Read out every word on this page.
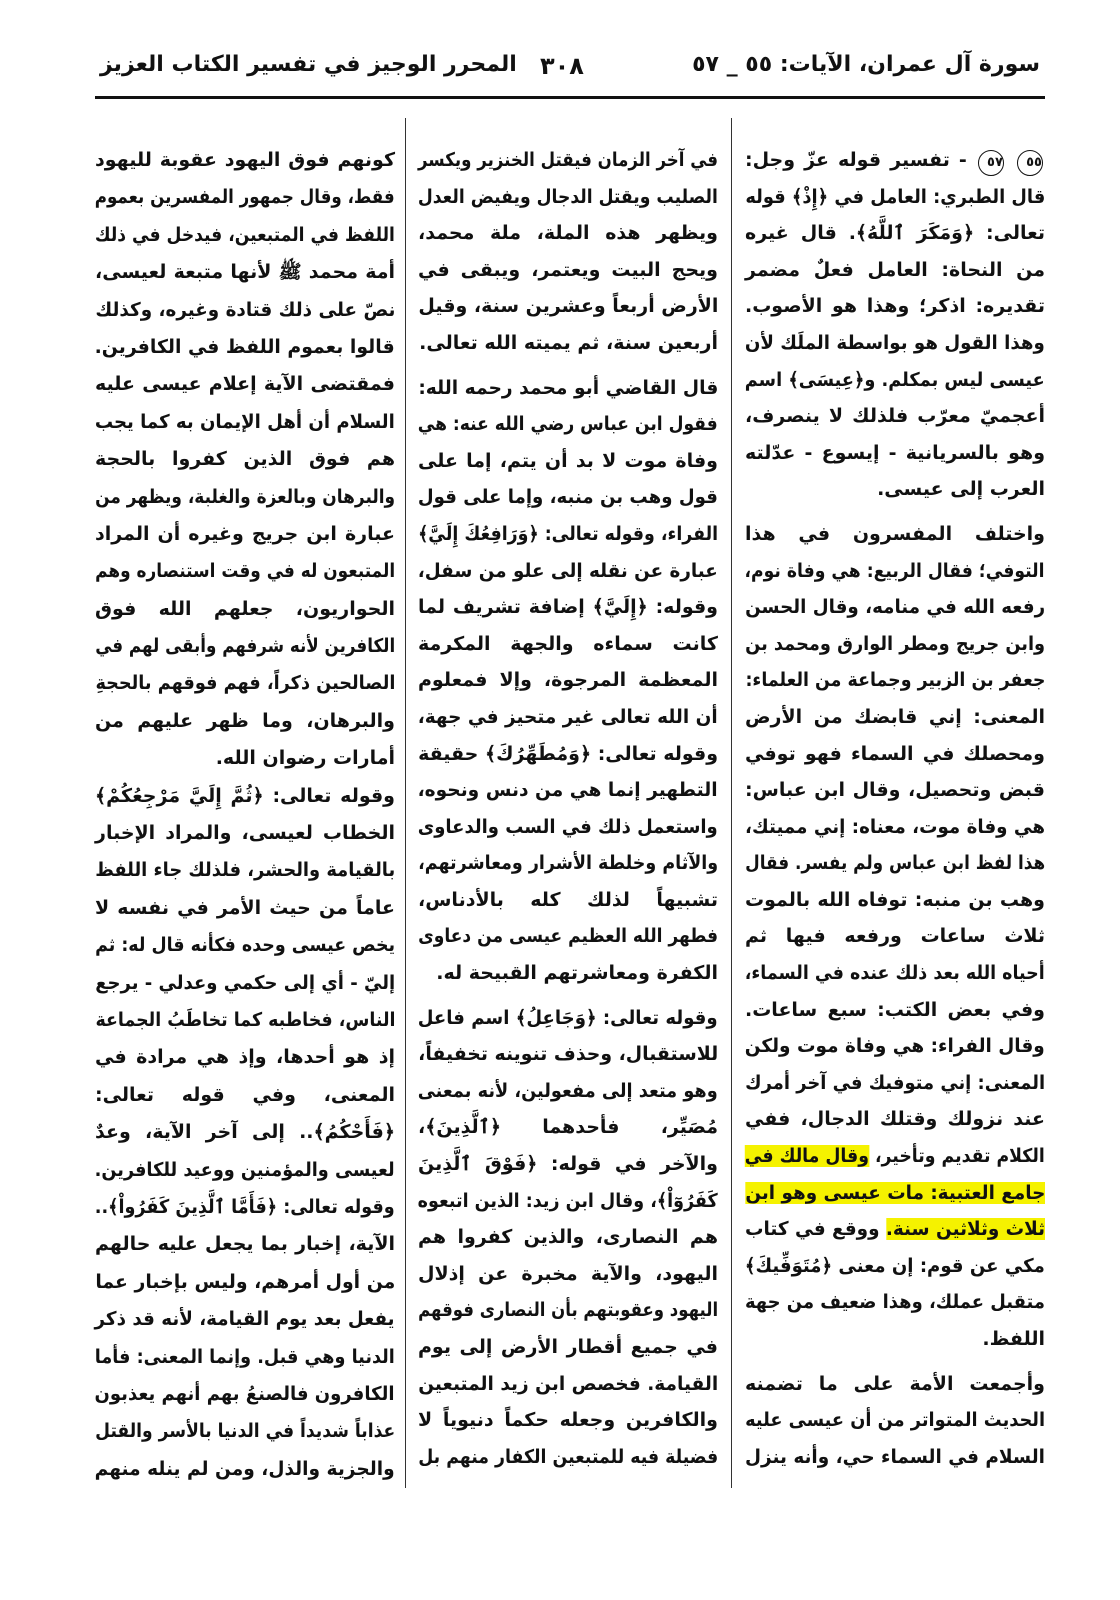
سورة آل عمران، الآيات: ٥٥ _ ٥٧
٣٠٨
المحرر الوجيز في تفسير الكتاب العزيز
٥٥ ٥٧ - تفسير قوله عزّ وجل:
قال الطبري: العامل في ﴿إِذْ﴾ قوله
تعالى: ﴿وَمَكَرَ ٱللَّهُ﴾. قال غيره
من النحاة: العامل فعلٌ مضمر
تقديره: اذكر؛ وهذا هو الأصوب.
وهذا القول هو بواسطة الملَك لأن
عيسى ليس بمكلم. و﴿عِيسَى﴾ اسم
أعجميّ معرّب فلذلك لا ينصرف،
وهو بالسريانية - إيسوع - عدّلته
العرب إلى عيسى.
واختلف المفسرون في هذا
التوفي؛ فقال الربيع: هي وفاة نوم،
رفعه الله في منامه، وقال الحسن
وابن جريج ومطر الوارق ومحمد بن
جعفر بن الزبير وجماعة من العلماء:
المعنى: إني قابضك من الأرض
ومحصلك في السماء فهو توفي
قبض وتحصيل، وقال ابن عباس:
هي وفاة موت، معناه: إني مميتك،
هذا لفظ ابن عباس ولم يفسر. فقال
وهب بن منبه: توفاه الله بالموت
ثلاث ساعات ورفعه فيها ثم
أحياه الله بعد ذلك عنده في السماء،
وفي بعض الكتب: سبع ساعات.
وقال الفراء: هي وفاة موت ولكن
المعنى: إني متوفيك في آخر أمرك
عند نزولك وقتلك الدجال، ففي
الكلام تقديم وتأخير، وقال مالك في
جامع العتبية: مات عيسى وهو ابن
ثلاث وثلاثين سنة. ووقع في كتاب
مكي عن قوم: إن معنى ﴿مُتَوَفِّيكَ﴾
متقبل عملك، وهذا ضعيف من جهة
اللفظ.
وأجمعت الأمة على ما تضمنه
الحديث المتواتر من أن عيسى عليه
السلام في السماء حي، وأنه ينزل
في آخر الزمان فيقتل الخنزير ويكسر
الصليب ويقتل الدجال ويفيض العدل
ويظهر هذه الملة، ملة محمد،
ويحج البيت ويعتمر، ويبقى في
الأرض أربعاً وعشرين سنة، وقيل
أربعين سنة، ثم يميته الله تعالى.
قال القاضي أبو محمد رحمه الله:
فقول ابن عباس رضي الله عنه: هي
وفاة موت لا بد أن يتم، إما على
قول وهب بن منبه، وإما على قول
الفراء، وقوله تعالى: ﴿وَرَافِعُكَ إِلَيَّ﴾
عبارة عن نقله إلى علو من سفل،
وقوله: ﴿إِلَيَّ﴾ إضافة تشريف لما
كانت سماءه والجهة المكرمة
المعظمة المرجوة، وإلا فمعلوم
أن الله تعالى غير متحيز في جهة،
وقوله تعالى: ﴿وَمُطَهِّرُكَ﴾ حقيقة
التطهير إنما هي من دنس ونحوه،
واستعمل ذلك في السب والدعاوى
والآثام وخلطة الأشرار ومعاشرتهم،
تشبيهاً لذلك كله بالأدناس،
فطهر الله العظيم عيسى من دعاوى
الكفرة ومعاشرتهم القبيحة له.
وقوله تعالى: ﴿وَجَاعِلُ﴾ اسم فاعل
للاستقبال، وحذف تنوينه تخفيفاً،
وهو متعد إلى مفعولين، لأنه بمعنى
مُصَيِّر، فأحدهما ﴿ٱلَّذِينَ﴾،
والآخر في قوله: ﴿فَوْقَ ٱلَّذِينَ
كَفَرُوٓاْ﴾، وقال ابن زيد: الذين اتبعوه
هم النصارى، والذين كفروا هم
اليهود، والآية مخبرة عن إذلال
اليهود وعقوبتهم بأن النصارى فوقهم
في جميع أقطار الأرض إلى يوم
القيامة. فخصص ابن زيد المتبعين
والكافرين وجعله حكماً دنيوياً لا
فضيلة فيه للمتبعين الكفار منهم بل
كونهم فوق اليهود عقوبة لليهود
فقط، وقال جمهور المفسرين بعموم
اللفظ في المتبعين، فيدخل في ذلك
أمة محمد ﷺ لأنها متبعة لعيسى،
نصّ على ذلك قتادة وغيره، وكذلك
قالوا بعموم اللفظ في الكافرين.
فمقتضى الآية إعلام عيسى عليه
السلام أن أهل الإيمان به كما يجب
هم فوق الذين كفروا بالحجة
والبرهان وبالعزة والغلبة، ويظهر من
عبارة ابن جريج وغيره أن المراد
المتبعون له في وقت استنصاره وهم
الحواريون، جعلهم الله فوق
الكافرين لأنه شرفهم وأبقى لهم في
الصالحين ذكراً، فهم فوقهم بالحجةِ
والبرهان، وما ظهر عليهم من
أمارات رضوان الله.
وقوله تعالى: ﴿ثُمَّ إِلَيَّ مَرْجِعُكُمْ﴾
الخطاب لعيسى، والمراد الإخبار
بالقيامة والحشر، فلذلك جاء اللفظ
عاماً من حيث الأمر في نفسه لا
يخص عيسى وحده فكأنه قال له: ثم
إليّ - أي إلى حكمي وعدلي - يرجع
الناس، فخاطبه كما تخاطَبُ الجماعة
إذ هو أحدها، وإذ هي مرادة في
المعنى، وفي قوله تعالى:
﴿فَأَحْكُمُ﴾.. إلى آخر الآية، وعدٌ
لعيسى والمؤمنين ووعيد للكافرين.
وقوله تعالى: ﴿فَأَمَّا ٱلَّذِينَ كَفَرُواْ﴾..
الآية، إخبار بما يجعل عليه حالهم
من أول أمرهم، وليس بإخبار عما
يفعل بعد يوم القيامة، لأنه قد ذكر
الدنيا وهي قبل. وإنما المعنى: فأما
الكافرون فالصنعُ بهم أنهم يعذبون
عذاباً شديداً في الدنيا بالأسر والقتل
والجزية والذل، ومن لم ينله منهم
